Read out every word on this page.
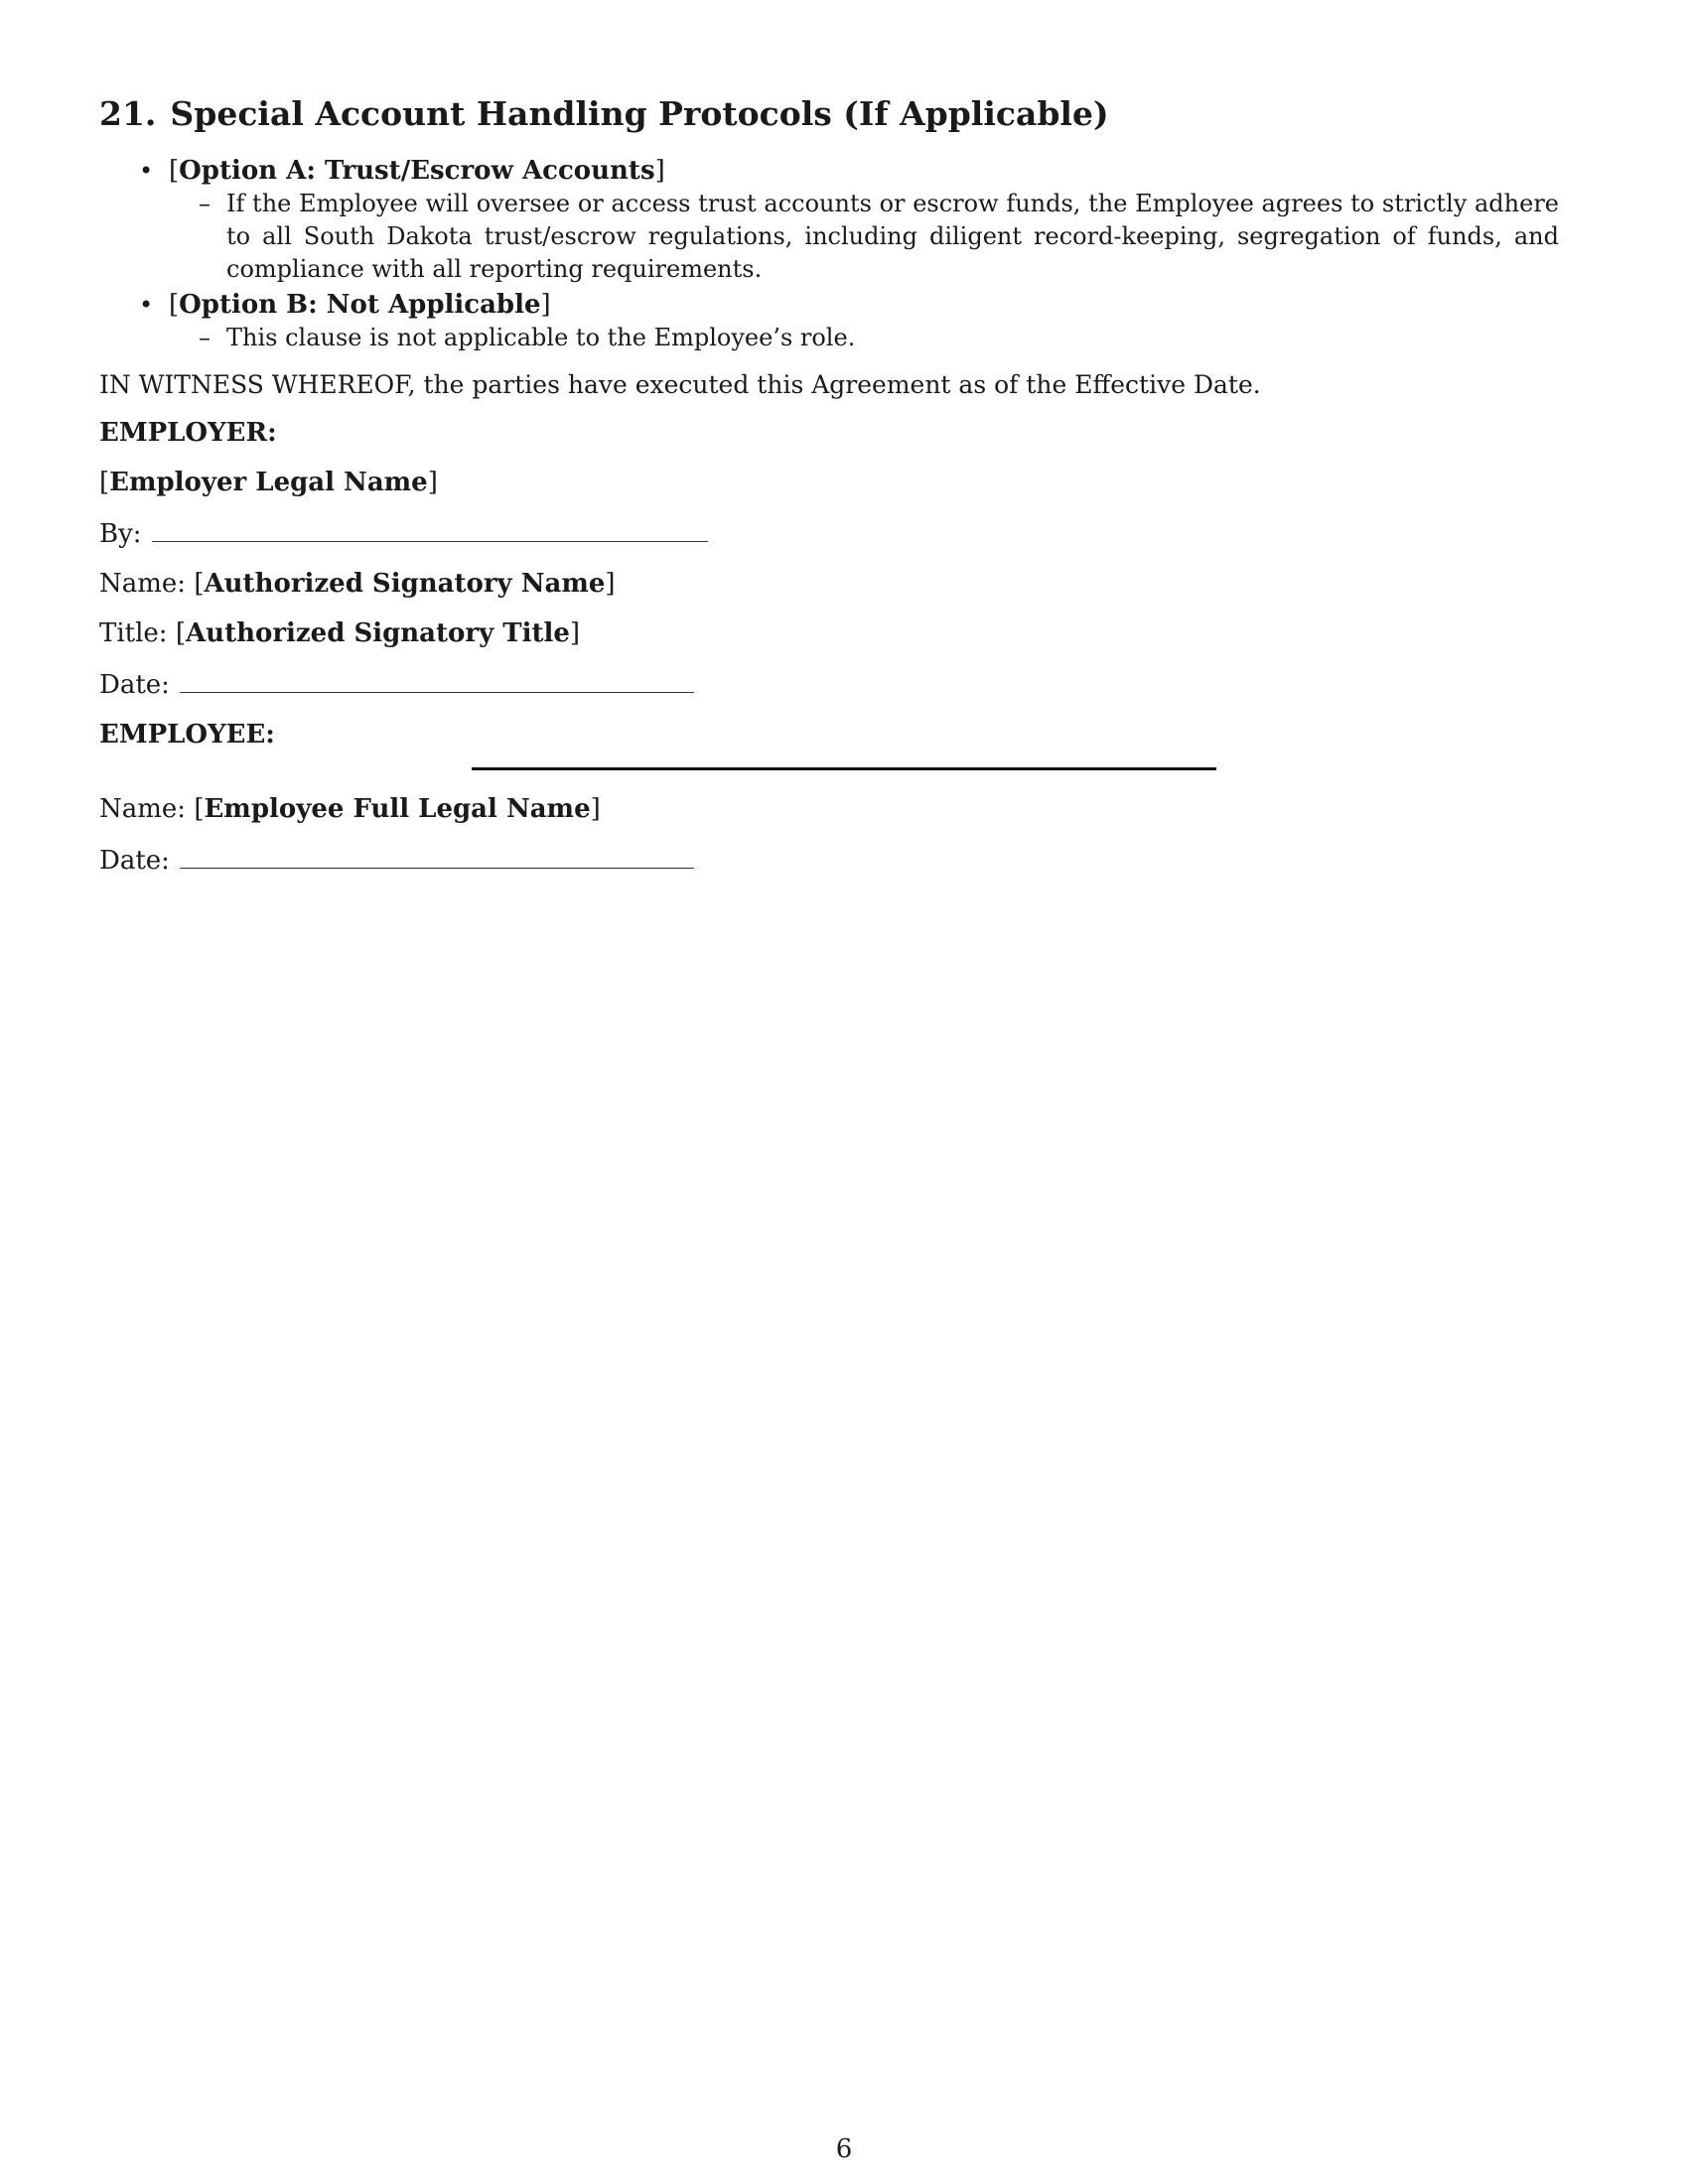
21. Special Account Handling Protocols (If Applicable)
• [Option A: Trust/Escrow Accounts]
– If the Employee will oversee or access trust accounts or escrow funds, the Employee agrees to strictly adhere to all South Dakota trust/escrow regulations, including diligent record-keeping, segregation of funds, and compliance with all reporting requirements.
• [Option B: Not Applicable]
– This clause is not applicable to the Employee’s role.

IN WITNESS WHEREOF, the parties have executed this Agreement as of the Effective Date.

EMPLOYER:
[Employer Legal Name]
By:
Name: [Authorized Signatory Name]
Title: [Authorized Signatory Title]
Date:
EMPLOYEE:
Name: [Employee Full Legal Name]
Date:
6
